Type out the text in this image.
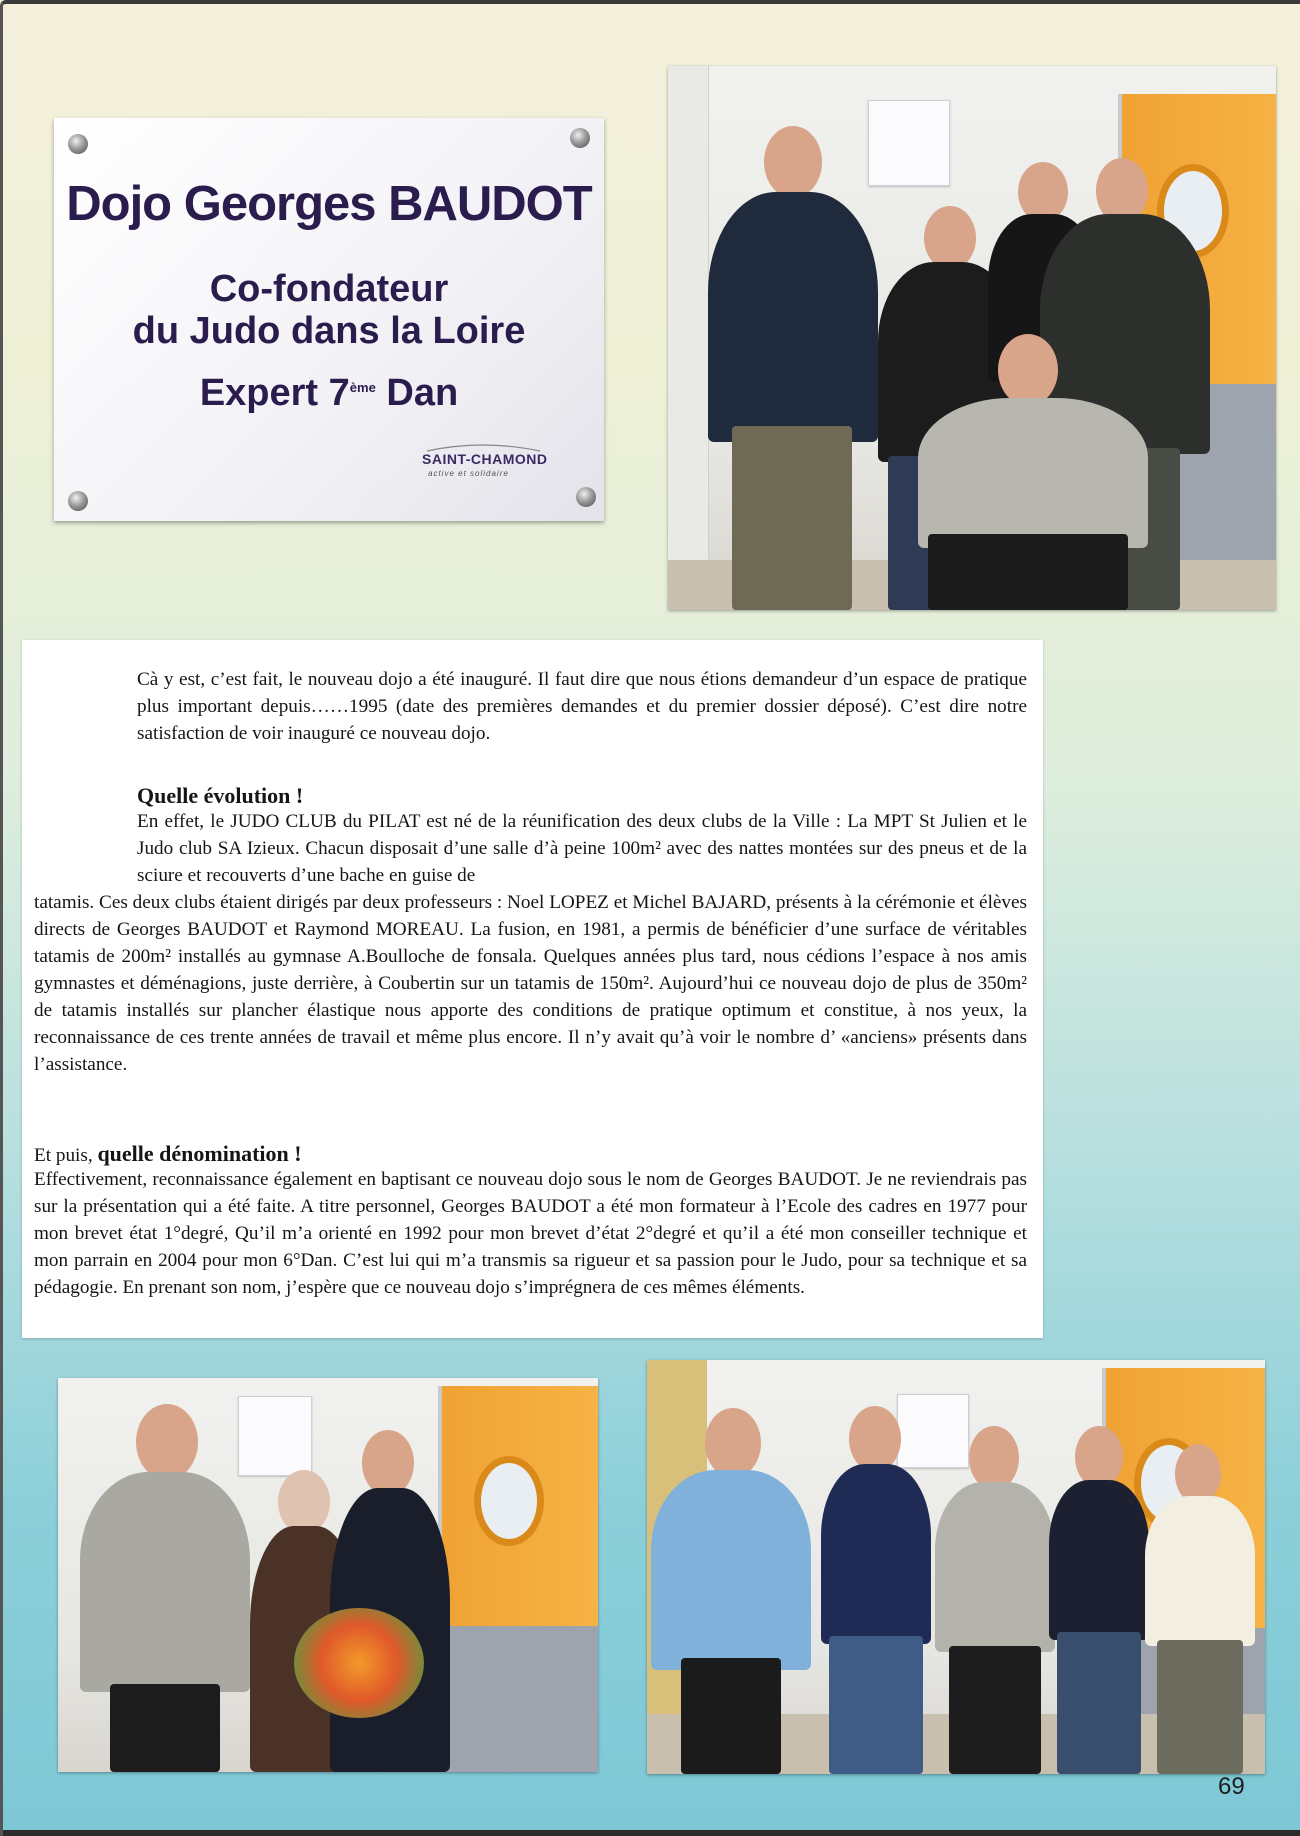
Dojo Georges BAUDOT
Co-fondateur
du Judo dans la Loire
Expert 7ème Dan
SAINT-CHAMOND
active et solidaire

Cà y est, c’est fait, le nouveau dojo a été inauguré. Il faut dire que nous étions demandeur d’un espace de pratique plus important depuis……1995 (date des premières demandes et du premier dossier déposé). C’est dire notre satisfaction de voir inauguré ce nouveau dojo.

Quelle évolution !

En effet, le JUDO CLUB du PILAT est né de la réunification des deux clubs de la Ville : La MPT St Julien et le Judo club SA Izieux. Chacun disposait d’une salle d’à peine 100m² avec des nattes montées sur des pneus et de la sciure et recouverts d’une bache en guise de

tatamis. Ces deux clubs étaient dirigés par deux professeurs : Noel LOPEZ et Michel BAJARD, présents à la cérémonie et élèves directs de Georges BAUDOT et Raymond MOREAU. La fusion, en 1981, a permis de bénéficier d’une surface de véritables tatamis de 200m² installés au gymnase A.Boulloche de fonsala. Quelques années plus tard, nous cédions l’espace à nos amis gymnastes et déménagions, juste derrière, à Coubertin sur un tatamis de 150m². Aujourd’hui ce nouveau dojo de plus de 350m² de tatamis installés sur plancher élastique nous apporte des conditions de pratique optimum et constitue, à nos yeux, la reconnaissance de ces trente années de travail et même plus encore. Il n’y avait qu’à voir le nombre d’ «anciens» présents dans l’assistance.

Et puis, quelle dénomination !

Effectivement, reconnaissance également en baptisant ce nouveau dojo sous le nom de Georges BAUDOT. Je ne reviendrais pas sur la présentation qui a été faite. A titre personnel, Georges BAUDOT a été mon formateur à l’Ecole des cadres en 1977 pour mon brevet état 1°degré, Qu’il m’a orienté en 1992 pour mon brevet d’état 2°degré et qu’il a été mon conseiller technique et mon parrain en 2004 pour mon 6°Dan. C’est lui qui m’a transmis sa rigueur et sa passion pour le Judo, pour sa technique et sa pédagogie. En prenant son nom, j’espère que ce nouveau dojo s’imprégnera de ces mêmes éléments.

69
